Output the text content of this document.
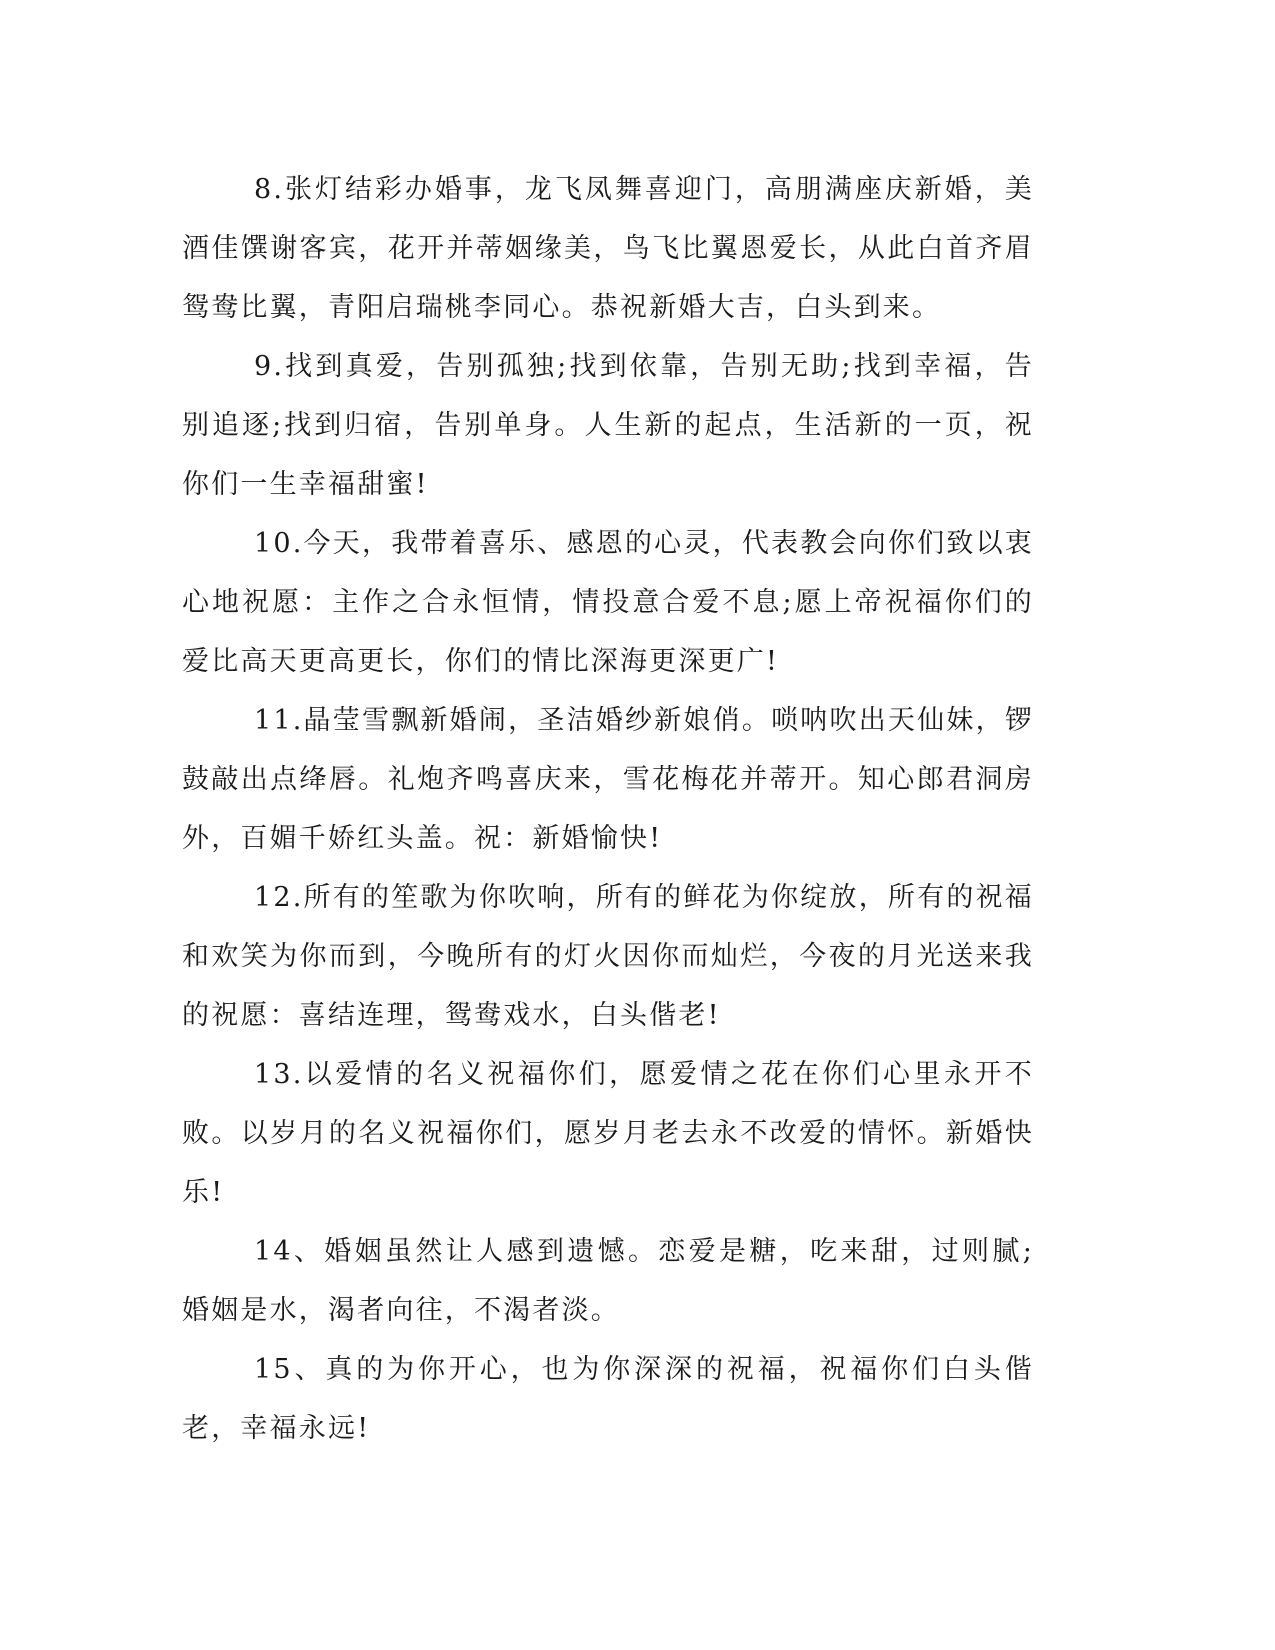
8.张灯结彩办婚事，龙飞凤舞喜迎门，高朋满座庆新婚，美酒佳馔谢客宾，花开并蒂姻缘美，鸟飞比翼恩爱长，从此白首齐眉鸳鸯比翼，青阳启瑞桃李同心。恭祝新婚大吉，白头到来。

9.找到真爱，告别孤独;找到依靠，告别无助;找到幸福，告别追逐;找到归宿，告别单身。人生新的起点，生活新的一页，祝你们一生幸福甜蜜!

10.今天，我带着喜乐、感恩的心灵，代表教会向你们致以衷心地祝愿：主作之合永恒情，情投意合爱不息;愿上帝祝福你们的爱比高天更高更长，你们的情比深海更深更广!

11.晶莹雪飘新婚闹，圣洁婚纱新娘俏。唢呐吹出天仙妹，锣鼓敲出点绛唇。礼炮齐鸣喜庆来，雪花梅花并蒂开。知心郎君洞房外，百媚千娇红头盖。祝：新婚愉快!

12.所有的笙歌为你吹响，所有的鲜花为你绽放，所有的祝福和欢笑为你而到，今晚所有的灯火因你而灿烂，今夜的月光送来我的祝愿：喜结连理，鸳鸯戏水，白头偕老!

13.以爱情的名义祝福你们，愿爱情之花在你们心里永开不败。以岁月的名义祝福你们，愿岁月老去永不改爱的情怀。新婚快乐!

14、婚姻虽然让人感到遗憾。恋爱是糖，吃来甜，过则腻;婚姻是水，渴者向往，不渴者淡。

15、真的为你开心，也为你深深的祝福，祝福你们白头偕老，幸福永远!
